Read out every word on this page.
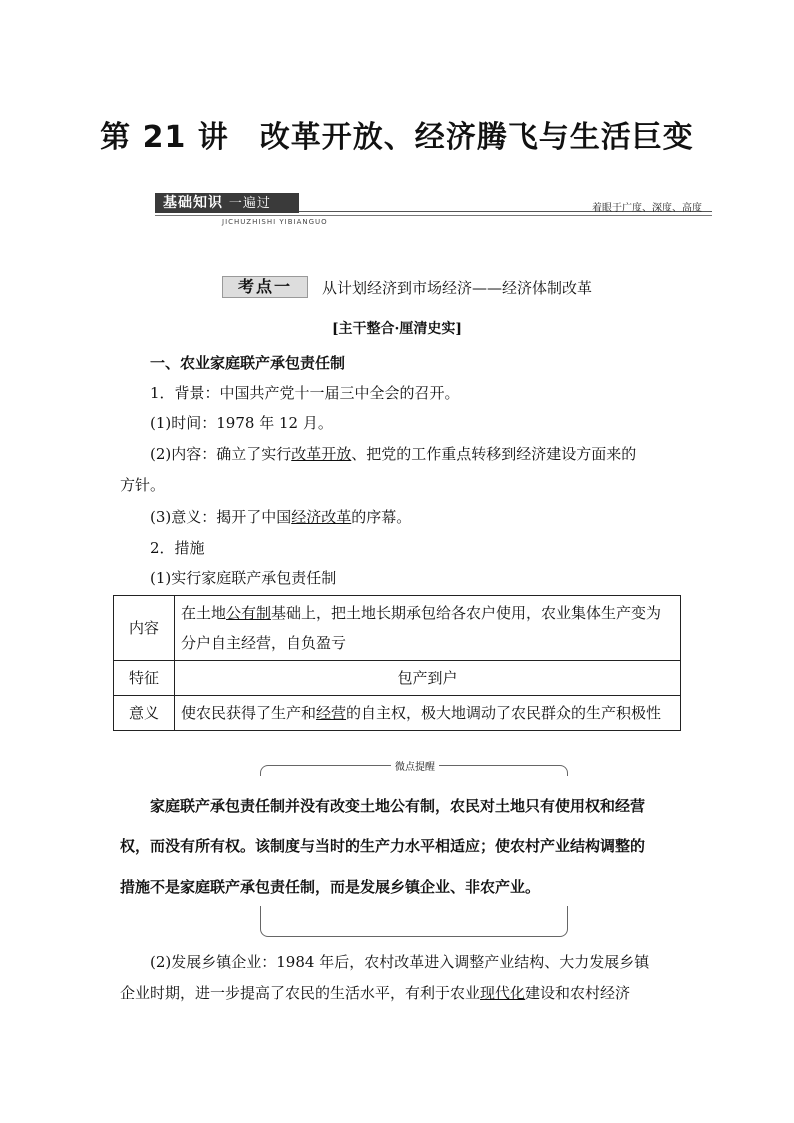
第 21 讲　改革开放、经济腾飞与生活巨变
基础知识 一遍过
JICHUZHISHI YIBIANGUO
着眼于广度、深度、高度
考点一	从计划经济到市场经济——经济体制改革
[主干整合·厘清史实]
一、农业家庭联产承包责任制
1．背景：中国共产党十一届三中全会的召开。
(1)时间：1978 年 12 月。
(2)内容：确立了实行改革开放、把党的工作重点转移到经济建设方面来的
方针。
(3)意义：揭开了中国经济改革的序幕。
2．措施
(1)实行家庭联产承包责任制
内容	在土地公有制基础上，把土地长期承包给各农户使用，农业集体生产变为分户自主经营，自负盈亏
特征	包产到户
意义	使农民获得了生产和经营的自主权，极大地调动了农民群众的生产积极性
微点提醒
家庭联产承包责任制并没有改变土地公有制，农民对土地只有使用权和经营
权，而没有所有权。该制度与当时的生产力水平相适应；使农村产业结构调整的
措施不是家庭联产承包责任制，而是发展乡镇企业、非农产业。
(2)发展乡镇企业：1984 年后，农村改革进入调整产业结构、大力发展乡镇
企业时期，进一步提高了农民的生活水平，有利于农业现代化建设和农村经济
